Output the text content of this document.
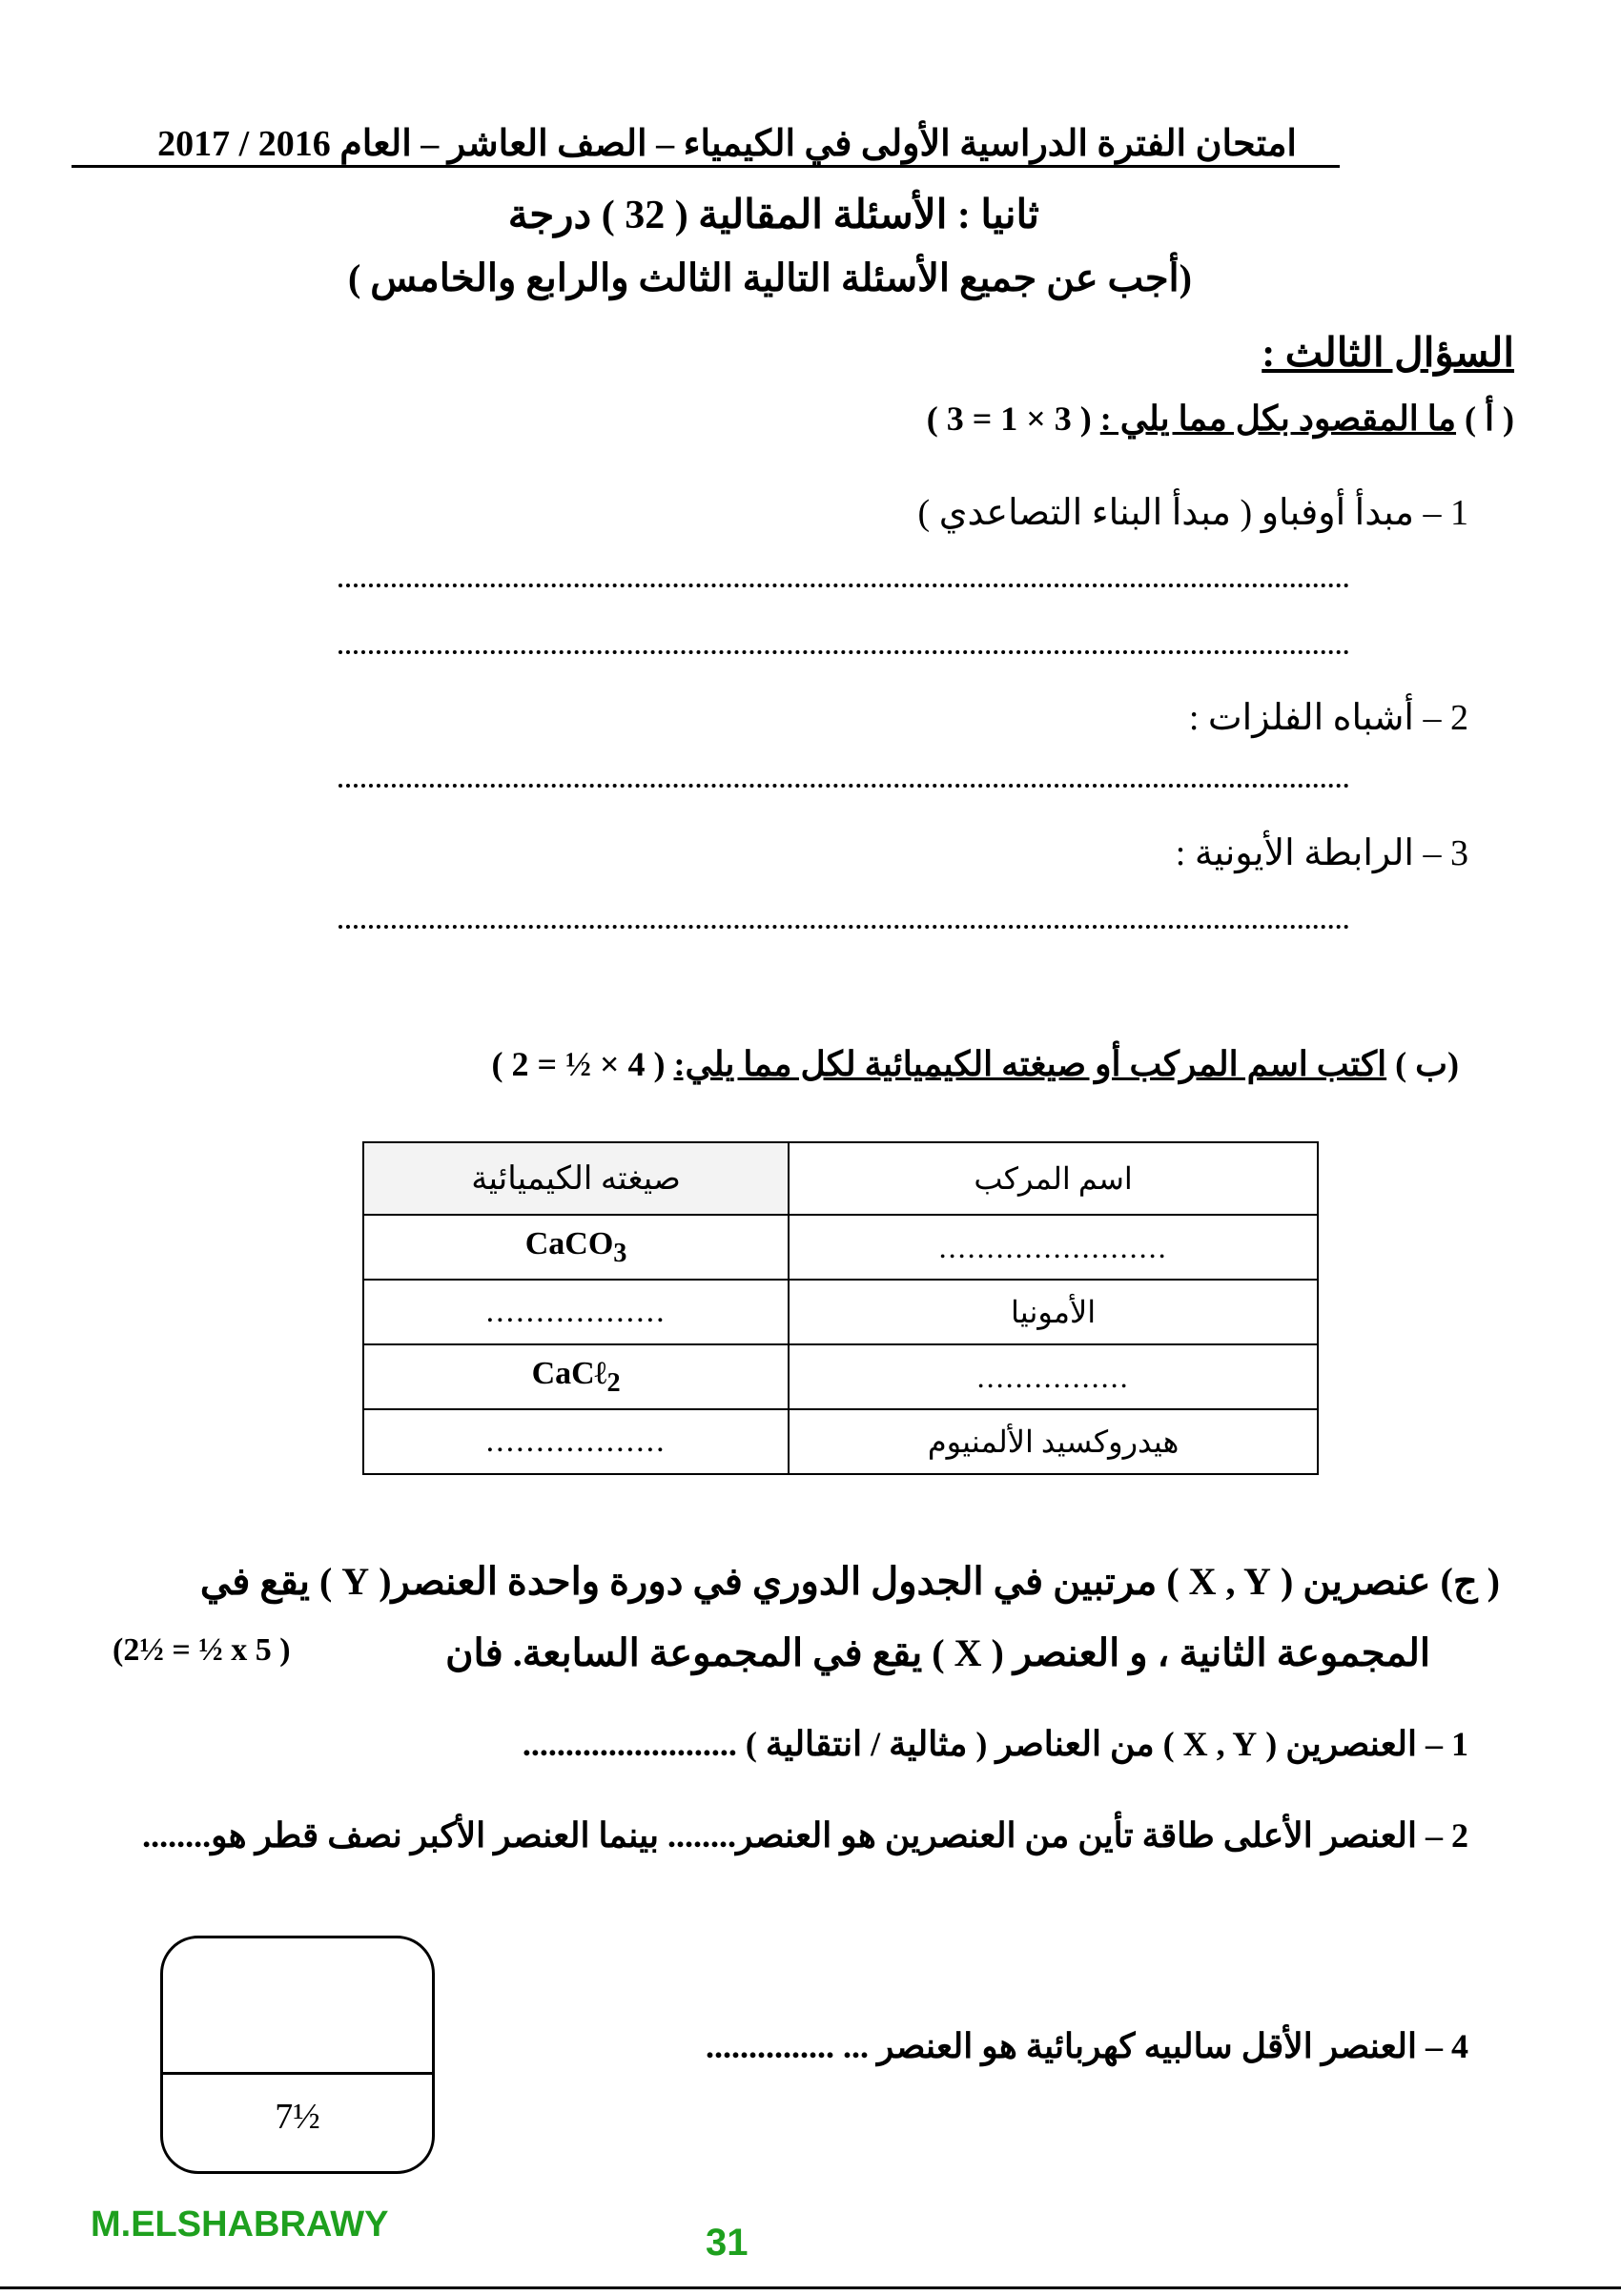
امتحان الفترة الدراسية الأولى في الكيمياء – الصف العاشر – العام 2016 / 2017
ثانيا : الأسئلة المقالية ( 32 ) درجة
(أجب عن جميع الأسئلة التالية الثالث والرابع والخامس )
السؤال الثالث :
( أ ) ما المقصود بكل مما يلي : ( 3 × 1 = 3 )
1 – مبدأ أوفباو ( مبدأ البناء التصاعدي )
2 – أشباه الفلزات :
3 – الرابطة الأيونية :
(ب ) اكتب اسم المركب أو صيغته الكيميائية لكل مما يلي: ( 4 × ½ = 2 )
صيغته الكيميائية	اسم المركب
CaCO$_3$	........................
..................	الأمونيا
CaCℓ$_2$	................
..................	هيدروكسيد الألمنيوم
( ج) عنصرين ( X , Y ) مرتبين في الجدول الدوري في دورة واحدة العنصر( Y ) يقع في
المجموعة الثانية ، و العنصر ( X ) يقع في المجموعة السابعة. فان
(2½ = ½ x 5 )
1 – العنصرين ( X , Y ) من العناصر ( مثالية / انتقالية ) .........................
2 – العنصر الأعلى طاقة تأين من العنصرين هو العنصر........ بينما العنصر الأكبر نصف قطر هو........
4 – العنصر الأقل سالبيه كهربائية هو العنصر ... ...............
7½
M.ELSHABRAWY	31
